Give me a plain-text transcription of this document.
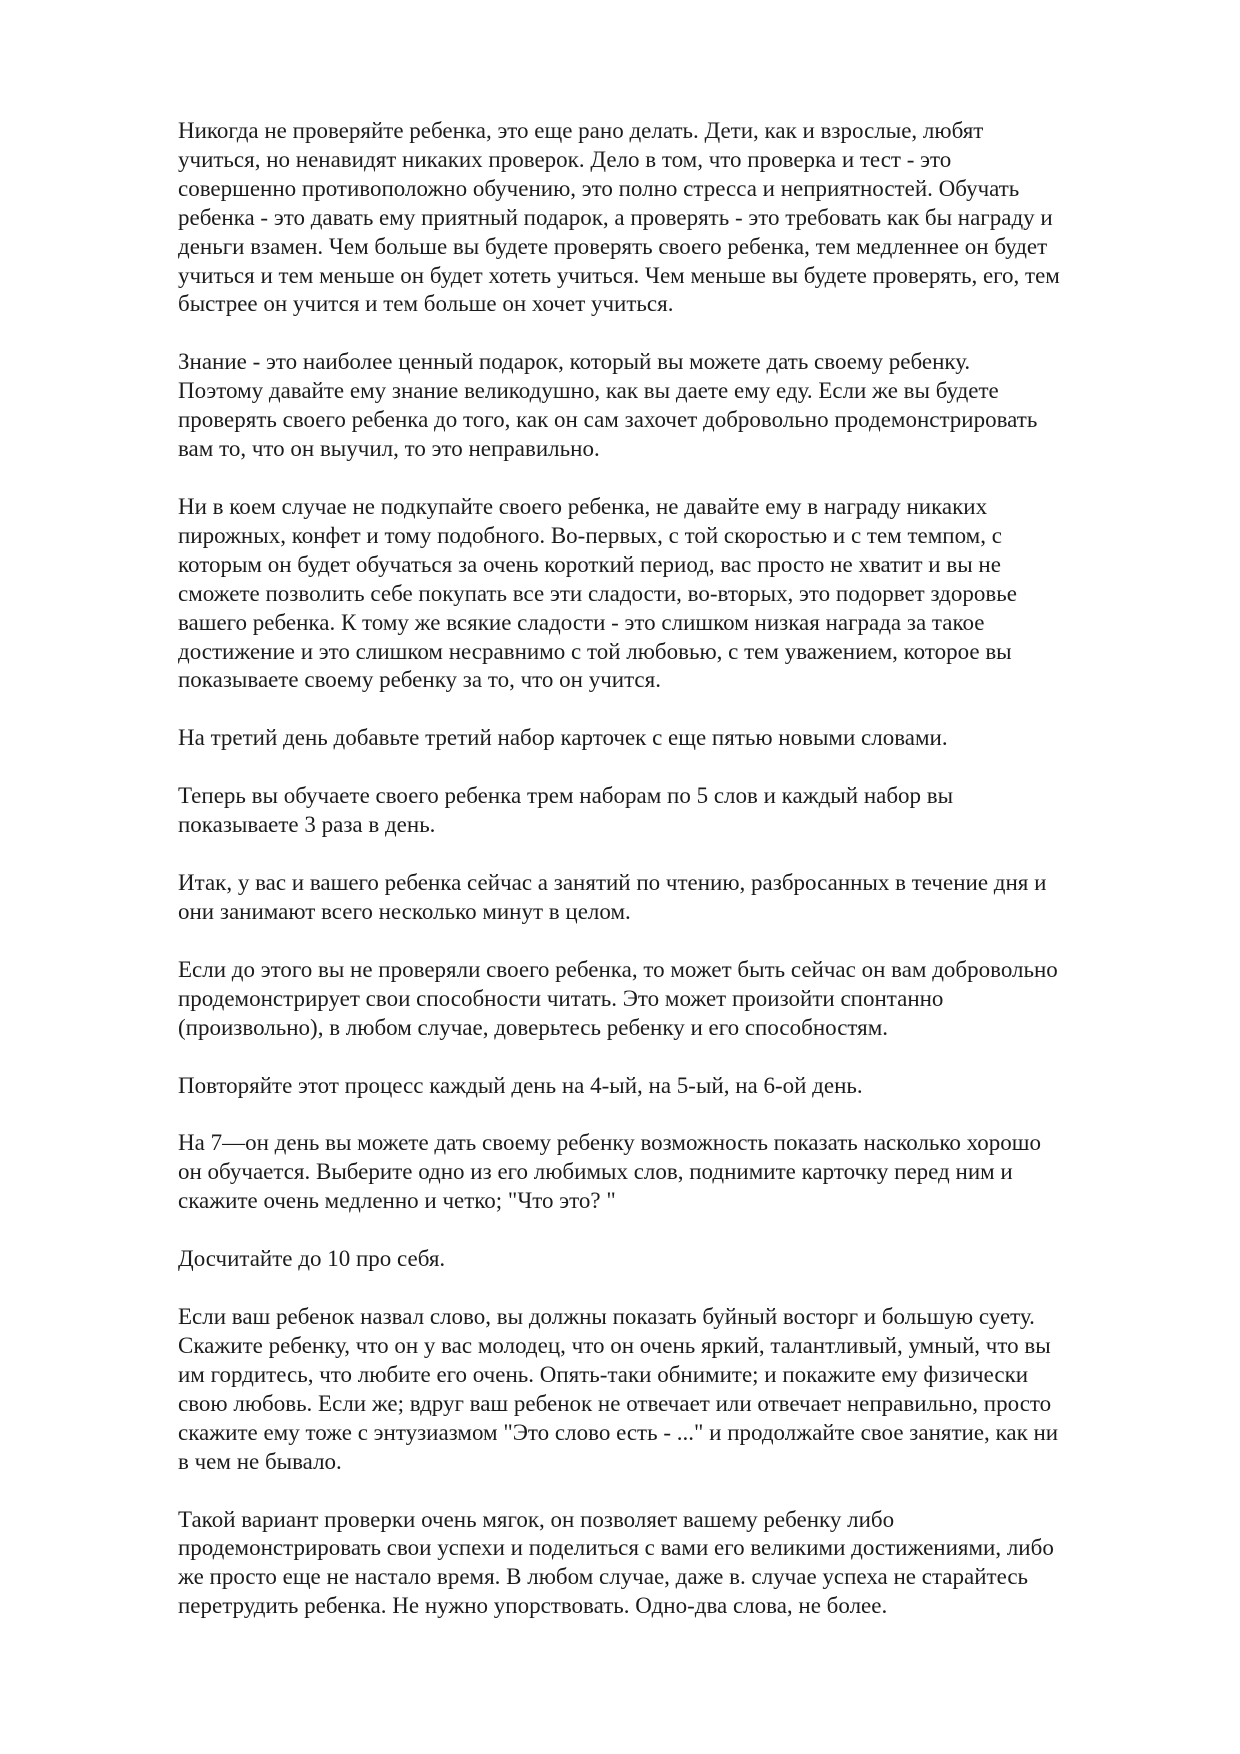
Никогда не проверяйте ребенка, это еще рано делать. Дети, как и взрослые, любят
учиться, но ненавидят никаких проверок. Дело в том, что проверка и тест - это
совершенно противоположно обучению, это полно стресса и неприятностей. Обучать
ребенка - это давать ему приятный подарок, а проверять - это требовать как бы награду и
деньги взамен. Чем больше вы будете проверять своего ребенка, тем медленнее он будет
учиться и тем меньше он будет хотеть учиться. Чем меньше вы будете проверять, его, тем
быстрее он учится и тем больше он хочет учиться.

Знание - это наиболее ценный подарок, который вы можете дать своему ребенку.
Поэтому давайте ему знание великодушно, как вы даете ему еду. Если же вы будете
проверять своего ребенка до того, как он сам захочет добровольно продемонстрировать
вам то, что он выучил, то это неправильно.

Ни в коем случае не подкупайте своего ребенка, не давайте ему в награду никаких
пирожных, конфет и тому подобного. Во-первых, с той скоростью и с тем темпом, с
которым он будет обучаться за очень короткий период, вас просто не хватит и вы не
сможете позволить себе покупать все эти сладости, во-вторых, это подорвет здоровье
вашего ребенка. К тому же всякие сладости - это слишком низкая награда за такое
достижение и это слишком несравнимо с той любовью, с тем уважением, которое вы
показываете своему ребенку за то, что он учится.

На третий день добавьте третий набор карточек с еще пятью новыми словами.

Теперь вы обучаете своего ребенка трем наборам по 5 слов и каждый набор вы
показываете 3 раза в день.

Итак, у вас и вашего ребенка сейчас а занятий по чтению, разбросанных в течение дня и
они занимают всего несколько минут в целом.

Если до этого вы не проверяли своего ребенка, то может быть сейчас он вам добровольно
продемонстрирует свои способности читать. Это может произойти спонтанно
(произвольно), в любом случае, доверьтесь ребенку и его способностям.

Повторяйте этот процесс каждый день на 4-ый, на 5-ый, на 6-ой день.

На 7—он день вы можете дать своему ребенку возможность показать насколько хорошо
он обучается. Выберите одно из его любимых слов, поднимите карточку перед ним и
скажите очень медленно и четко; "Что это? "

Досчитайте до 10 про себя.

Если ваш ребенок назвал слово, вы должны показать буйный восторг и большую суету.
Скажите ребенку, что он у вас молодец, что он очень яркий, талантливый, умный, что вы
им гордитесь, что любите его очень. Опять-таки обнимите; и покажите ему физически
свою любовь. Если же; вдруг ваш ребенок не отвечает или отвечает неправильно, просто
скажите ему тоже с энтузиазмом "Это слово есть - ..." и продолжайте свое занятие, как ни
в чем не бывало.

Такой вариант проверки очень мягок, он позволяет вашему ребенку либо
продемонстрировать свои успехи и поделиться с вами его великими достижениями, либо
же просто еще не настало время. В любом случае, даже в. случае успеха не старайтесь
перетрудить ребенка. Не нужно упорствовать. Одно-два слова, не более.
